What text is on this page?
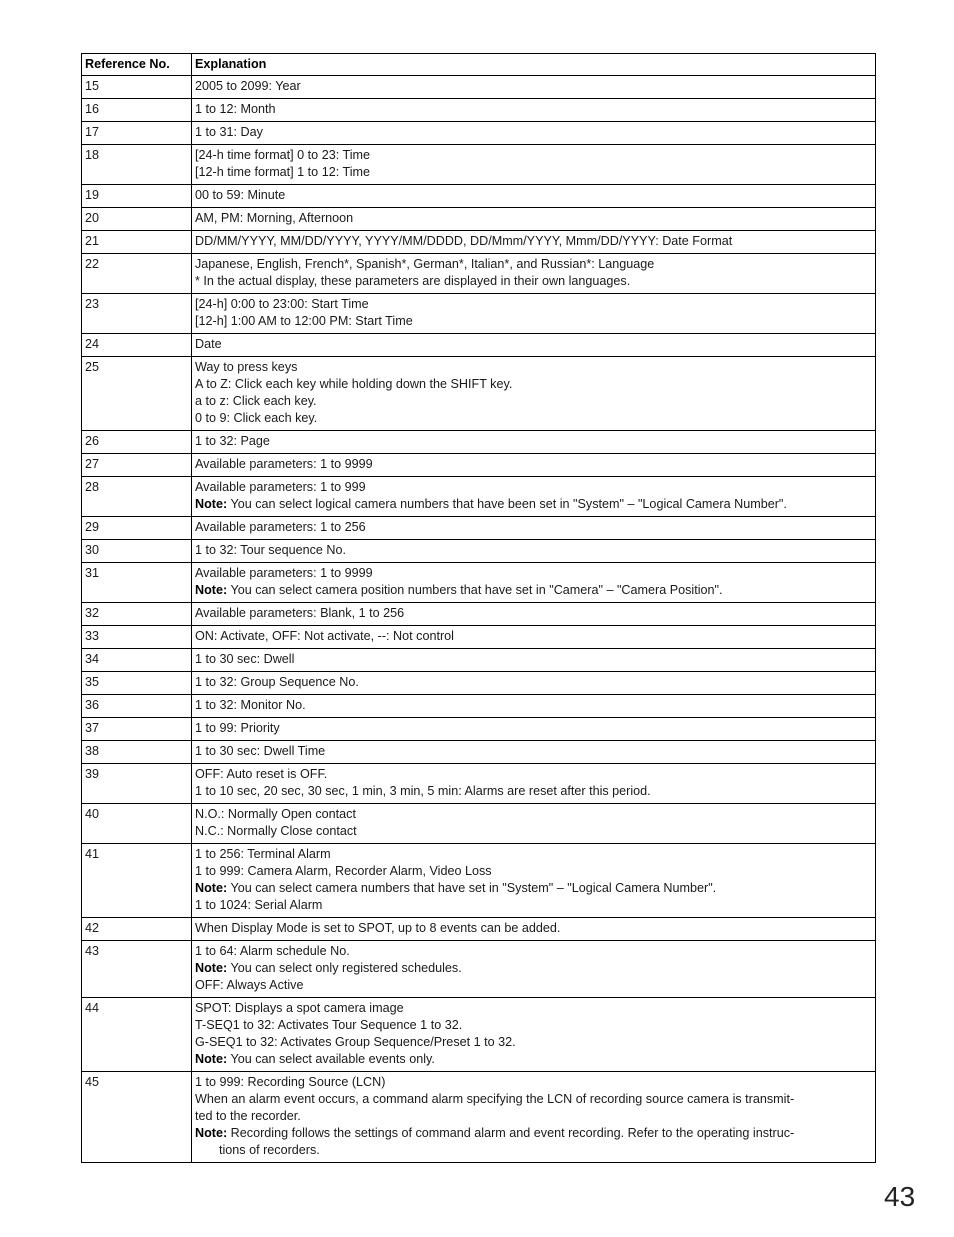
Reference No.	Explanation
15	2005 to 2099: Year

16	1 to 12: Month

17	1 to 31: Day

18	[24-h time format] 0 to 23: Time
[12-h time format] 1 to 12: Time

19	00 to 59: Minute

20	AM, PM: Morning, Afternoon

21	DD/MM/YYYY, MM/DD/YYYY, YYYY/MM/DDDD, DD/Mmm/YYYY, Mmm/DD/YYYY: Date Format

22	Japanese, English, French*, Spanish*, German*, Italian*, and Russian*: Language
* In the actual display, these parameters are displayed in their own languages.

23	[24-h] 0:00 to 23:00: Start Time
[12-h] 1:00 AM to 12:00 PM: Start Time

24	Date

25	Way to press keys
A to Z: Click each key while holding down the SHIFT key.
a to z: Click each key.
0 to 9: Click each key.

26	1 to 32: Page

27	Available parameters: 1 to 9999

28	Available parameters: 1 to 999
Note: You can select logical camera numbers that have been set in "System" – "Logical Camera Number".

29	Available parameters: 1 to 256

30	1 to 32: Tour sequence No.

31	Available parameters: 1 to 9999
Note: You can select camera position numbers that have set in "Camera" – "Camera Position".

32	Available parameters: Blank, 1 to 256

33	ON: Activate, OFF: Not activate, --: Not control

34	1 to 30 sec: Dwell

35	1 to 32: Group Sequence No.

36	1 to 32: Monitor No.

37	1 to 99: Priority

38	1 to 30 sec: Dwell Time

39	OFF: Auto reset is OFF.
1 to 10 sec, 20 sec, 30 sec, 1 min, 3 min, 5 min: Alarms are reset after this period.

40	N.O.: Normally Open contact
N.C.: Normally Close contact

41	1 to 256: Terminal Alarm
1 to 999: Camera Alarm, Recorder Alarm, Video Loss
Note: You can select camera numbers that have set in "System" – "Logical Camera Number".
1 to 1024: Serial Alarm

42	When Display Mode is set to SPOT, up to 8 events can be added.

43	1 to 64: Alarm schedule No.
Note: You can select only registered schedules.
OFF: Always Active

44	SPOT: Displays a spot camera image
T-SEQ1 to 32: Activates Tour Sequence 1 to 32.
G-SEQ1 to 32: Activates Group Sequence/Preset 1 to 32.
Note: You can select available events only.

45	1 to 999: Recording Source (LCN)
When an alarm event occurs, a command alarm specifying the LCN of recording source camera is transmit-
ted to the recorder.
Note: Recording follows the settings of command alarm and event recording. Refer to the operating instruc-
tions of recorders.
43
